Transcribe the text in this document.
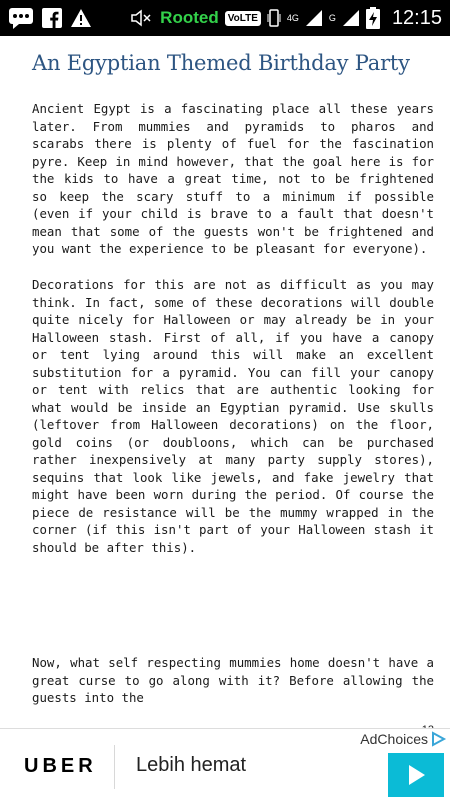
Rooted VoLTE	4G	G	12:15
An Egyptian Themed Birthday Party

Ancient Egypt is a fascinating place all these years later. From mummies and pyramids to pharos and scarabs there is plenty of fuel for the fascination pyre. Keep in mind however, that the goal here is for the kids to have a great time, not to be frightened so keep the scary stuff to a minimum if possible (even if your child is brave to a fault that doesn't mean that some of the guests won't be frightened and you want the experience to be pleasant for everyone).

Decorations for this are not as difficult as you may think. In fact, some of these decorations will double quite nicely for Halloween or may already be in your Halloween stash. First of all, if you have a canopy or tent lying around this will make an excellent substitution for a pyramid. You can fill your canopy or tent with relics that are authentic looking for what would be inside an Egyptian pyramid. Use skulls (leftover from Halloween decorations) on the floor, gold coins (or doubloons, which can be purchased rather inexpensively at many party supply stores), sequins that look like jewels, and fake jewelry that might have been worn during the period. Of course the piece de resistance will be the mummy wrapped in the corner (if this isn't part of your Halloween stash it should be after this).

Now, what self respecting mummies home doesn't have a great curse to go along with it? Before allowing the guests into the

AdChoices
UBER Lebih hemat
